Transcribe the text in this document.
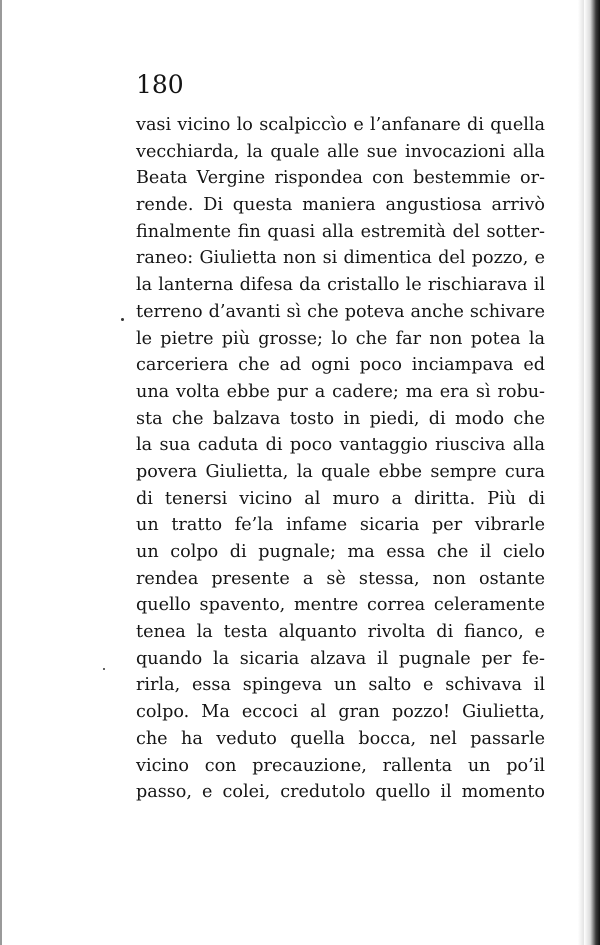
180
vasi vicino lo scalpiccìo e l’anfanare di quella
vecchiarda, la quale alle sue invocazioni alla
Beata Vergine rispondea con bestemmie or-
rende. Di questa maniera angustiosa arrivò
finalmente fin quasi alla estremità del sotter-
raneo: Giulietta non si dimentica del pozzo, e
la lanterna difesa da cristallo le rischiarava il
terreno d’avanti sì che poteva anche schivare
le pietre più grosse; lo che far non potea la
carceriera che ad ogni poco inciampava ed
una volta ebbe pur a cadere; ma era sì robu-
sta che balzava tosto in piedi, di modo che
la sua caduta di poco vantaggio riusciva alla
povera Giulietta, la quale ebbe sempre cura
di tenersi vicino al muro a diritta. Più di
un tratto fe’la infame sicaria per vibrarle
un colpo di pugnale; ma essa che il cielo
rendea presente a sè stessa, non ostante
quello spavento, mentre correa celeramente
tenea la testa alquanto rivolta di fianco, e
quando la sicaria alzava il pugnale per fe-
rirla, essa spingeva un salto e schivava il
colpo. Ma eccoci al gran pozzo! Giulietta,
che ha veduto quella bocca, nel passarle
vicino con precauzione, rallenta un po’il
passo, e colei, credutolo quello il momento
